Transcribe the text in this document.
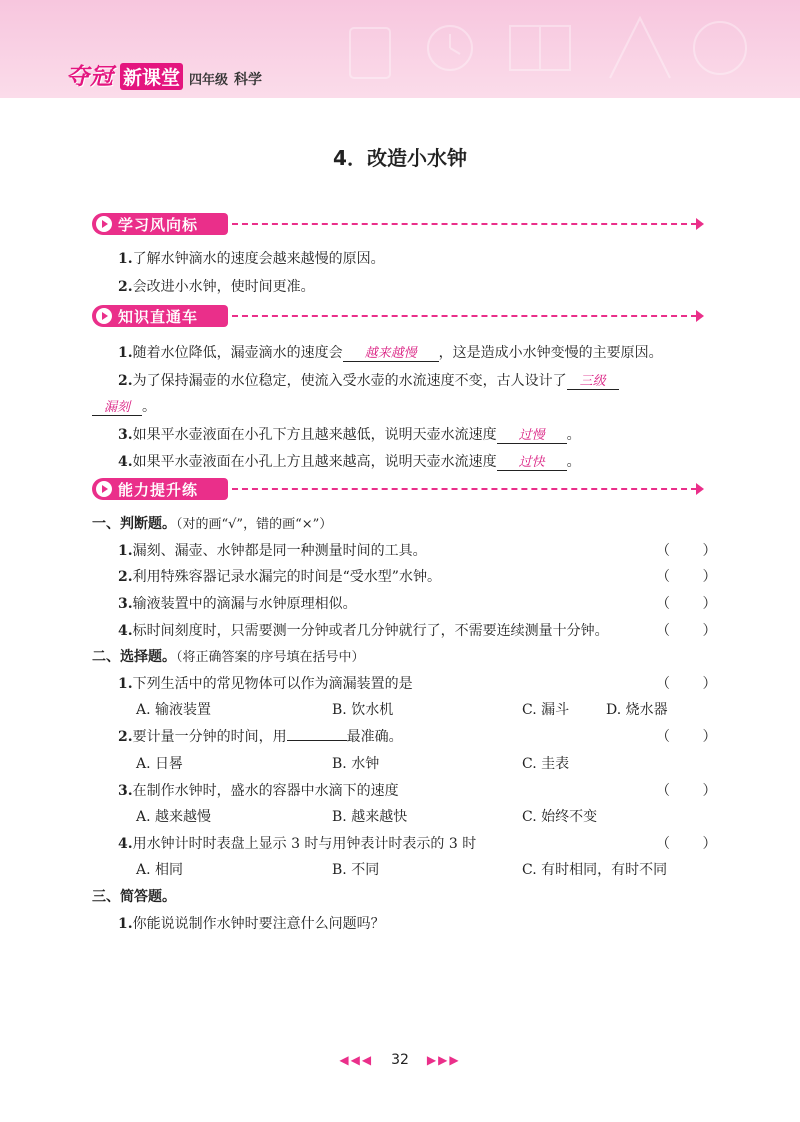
夺冠 新课堂 四年级 科学
4．改造小水钟
学习风向标
1.了解水钟滴水的速度会越来越慢的原因。
2.会改进小水钟，使时间更准。
知识直通车
1.随着水位降低，漏壶滴水的速度会 越来越慢 ，这是造成小水钟变慢的主要原因。
2.为了保持漏壶的水位稳定，使流入受水壶的水流速度不变，古人设计了 三级
漏刻 。
3.如果平水壶液面在小孔下方且越来越低，说明天壶水流速度 过慢 。
4.如果平水壶液面在小孔上方且越来越高，说明天壶水流速度 过快 。
能力提升练
一、判断题。（对的画“√”，错的画“×”）
1.漏刻、漏壶、水钟都是同一种测量时间的工具。	（ ）
2.利用特殊容器记录水漏完的时间是“受水型”水钟。	（ ）
3.输液装置中的滴漏与水钟原理相似。	（ ）
4.标时间刻度时，只需要测一分钟或者几分钟就行了，不需要连续测量十分钟。	（ ）
二、选择题。（将正确答案的序号填在括号中）
1.下列生活中的常见物体可以作为滴漏装置的是	（ ）
A. 输液装置	B. 饮水机	C. 漏斗	D. 烧水器
2.要计量一分钟的时间，用	最准确。	（ ）
A. 日晷	B. 水钟	C. 圭表
3.在制作水钟时，盛水的容器中水滴下的速度	（ ）
A. 越来越慢	B. 越来越快	C. 始终不变
4.用水钟计时时表盘上显示 3 时与用钟表计时表示的 3 时	（ ）
A. 相同	B. 不同	C. 有时相同，有时不同
三、简答题。
1.你能说说制作水钟时要注意什么问题吗？
◀◀◀ 32 ▶▶▶
